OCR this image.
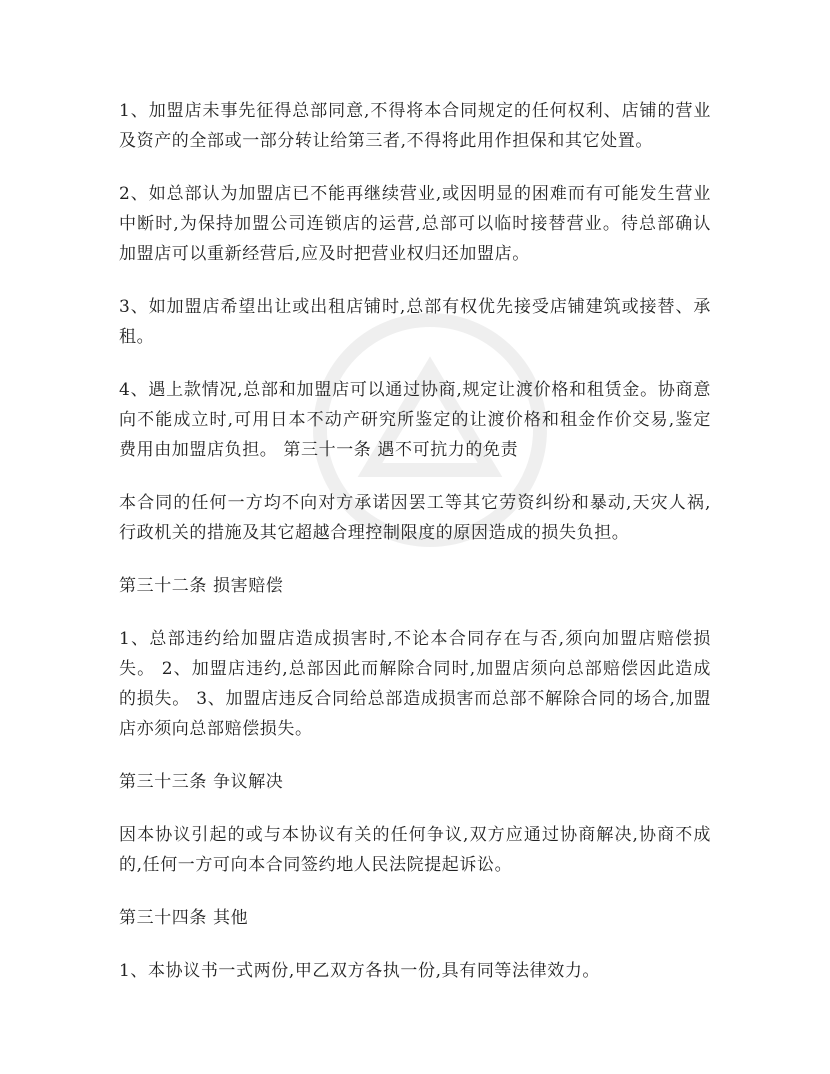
1、加盟店未事先征得总部同意,不得将本合同规定的任何权利、店铺的营业及资产的全部或一部分转让给第三者,不得将此用作担保和其它处置。

2、如总部认为加盟店已不能再继续营业,或因明显的困难而有可能发生营业中断时,为保持加盟公司连锁店的运营,总部可以临时接替营业。待总部确认加盟店可以重新经营后,应及时把营业权归还加盟店。

3、如加盟店希望出让或出租店铺时,总部有权优先接受店铺建筑或接替、承租。

4、遇上款情况,总部和加盟店可以通过协商,规定让渡价格和租赁金。协商意向不能成立时,可用日本不动产研究所鉴定的让渡价格和租金作价交易,鉴定费用由加盟店负担。 第三十一条 遇不可抗力的免责

本合同的任何一方均不向对方承诺因罢工等其它劳资纠纷和暴动,天灾人祸,行政机关的措施及其它超越合理控制限度的原因造成的损失负担。

第三十二条 损害赔偿

1、总部违约给加盟店造成损害时,不论本合同存在与否,须向加盟店赔偿损失。 2、加盟店违约,总部因此而解除合同时,加盟店须向总部赔偿因此造成的损失。 3、加盟店违反合同给总部造成损害而总部不解除合同的场合,加盟店亦须向总部赔偿损失。

第三十三条 争议解决

因本协议引起的或与本协议有关的任何争议,双方应通过协商解决,协商不成的,任何一方可向本合同签约地人民法院提起诉讼。

第三十四条 其他

1、本协议书一式两份,甲乙双方各执一份,具有同等法律效力。
